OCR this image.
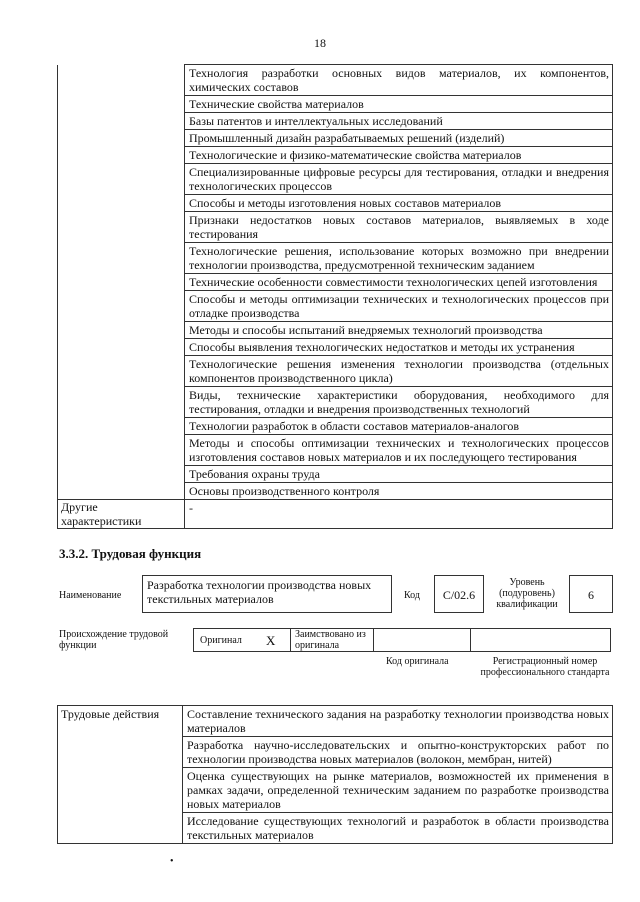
18
	Технология разработки основных видов материалов, их компонентов, химических составов
	Технические свойства материалов
	Базы патентов и интеллектуальных исследований
	Промышленный дизайн разрабатываемых решений (изделий)
	Технологические и физико-математические свойства материалов
	Специализированные цифровые ресурсы для тестирования, отладки и внедрения технологических процессов
	Способы и методы изготовления новых составов материалов
	Признаки недостатков новых составов материалов, выявляемых в ходе тестирования
	Технологические решения, использование которых возможно при внедрении технологии производства, предусмотренной техническим заданием
	Технические особенности совместимости технологических цепей изготовления
	Способы и методы оптимизации технических и технологических процессов при отладке производства
	Методы и способы испытаний внедряемых технологий производства
	Способы выявления технологических недостатков и методы их устранения
	Технологические решения изменения технологии производства (отдельных компонентов производственного цикла)
	Виды, технические характеристики оборудования, необходимого для тестирования, отладки и внедрения производственных технологий
	Технологии разработок в области составов материалов-аналогов
	Методы и способы оптимизации технических и технологических процессов изготовления составов новых материалов и их последующего тестирования
	Требования охраны труда
	Основы производственного контроля
Другие характеристики	-
3.3.2. Трудовая функция
Наименование
Разработка технологии производства новых текстильных материалов	Код	C/02.6
Уровень (подуровень) квалификации
6
Происхождение трудовой функции	Оригинал X Заимствовано из оригинала
Код оригинала	Регистрационный номер профессионального стандарта
Трудовые действия	Составление технического задания на разработку технологии производства новых материалов
Разработка научно-исследовательских и опытно-конструкторских работ по технологии производства новых материалов (волокон, мембран, нитей)
Оценка существующих на рынке материалов, возможностей их применения в рамках задачи, определенной техническим заданием по разработке производства новых материалов
Исследование существующих технологий и разработок в области производства текстильных материалов
•
